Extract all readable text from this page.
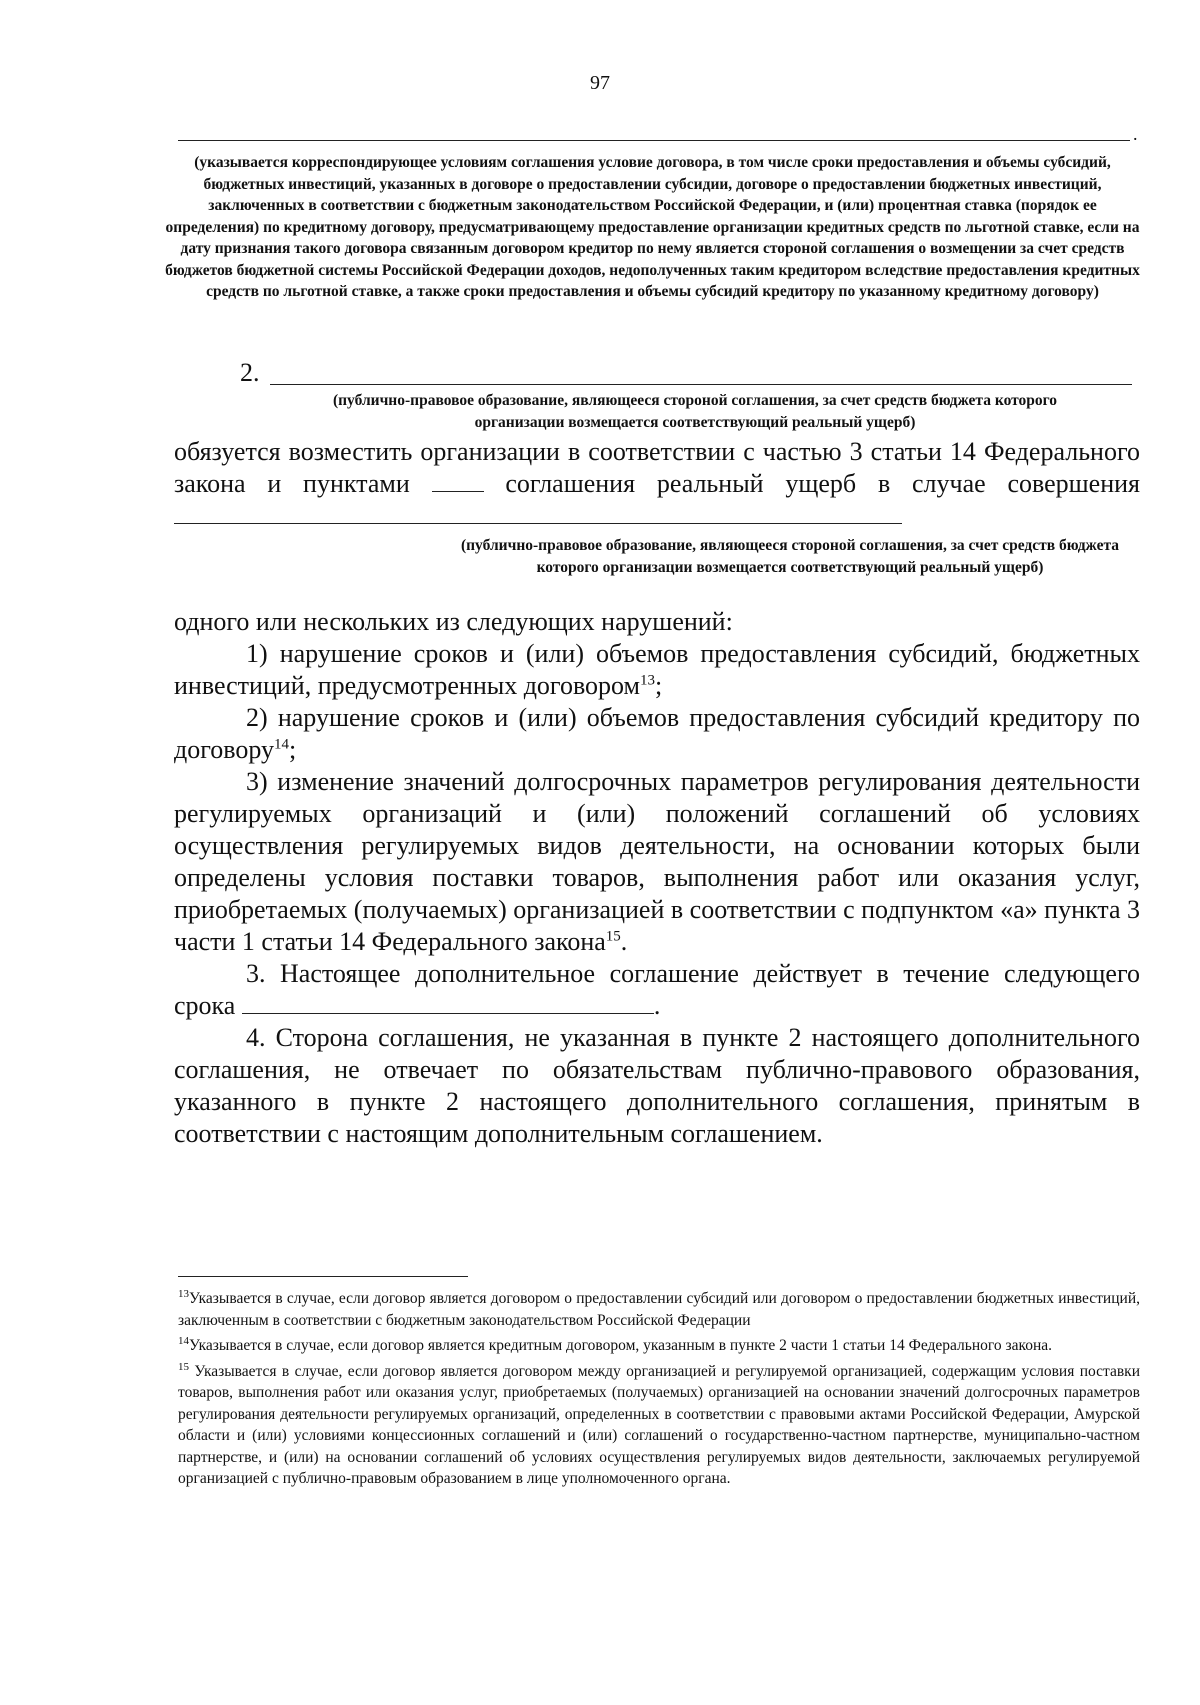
97
.
(указывается корреспондирующее условиям соглашения условие договора, в том числе сроки предоставления и объемы субсидий, бюджетных инвестиций, указанных в договоре о предоставлении субсидии, договоре о предоставлении бюджетных инвестиций, заключенных в соответствии с бюджетным законодательством Российской Федерации, и (или) процентная ставка (порядок ее определения) по кредитному договору, предусматривающему предоставление организации кредитных средств по льготной ставке, если на дату признания такого договора связанным договором кредитор по нему является стороной соглашения о возмещении за счет средств бюджетов бюджетной системы Российской Федерации доходов, недополученных таким кредитором вследствие предоставления кредитных средств по льготной ставке, а также сроки предоставления и объемы субсидий кредитору по указанному кредитному договору)
2.
(публично-правовое образование, являющееся стороной соглашения, за счет средств бюджета которого организации возмещается соответствующий реальный ущерб)
обязуется возместить организации в соответствии с частью 3 статьи 14 Федерального закона и пунктами	соглашения реальный ущерб в случае совершения
(публично-правовое образование, являющееся стороной соглашения, за счет средств бюджета которого организации возмещается соответствующий реальный ущерб)

одного или нескольких из следующих нарушений:

1) нарушение сроков и (или) объемов предоставления субсидий, бюджетных инвестиций, предусмотренных договором$^{13}$;

2) нарушение сроков и (или) объемов предоставления субсидий кредитору по договору$^{14}$;

3) изменение значений долгосрочных параметров регулирования деятельности регулируемых организаций и (или) положений соглашений об условиях осуществления регулируемых видов деятельности, на основании которых были определены условия поставки товаров, выполнения работ или оказания услуг, приобретаемых (получаемых) организацией в соответствии с подпунктом «а» пункта 3 части 1 статьи 14 Федерального закона$^{15}$.

3. Настоящее дополнительное соглашение действует в течение следующего срока	.

4. Сторона соглашения, не указанная в пункте 2 настоящего дополнительного соглашения, не отвечает по обязательствам публично-правового образования, указанного в пункте 2 настоящего дополнительного соглашения, принятым в соответствии с настоящим дополнительным соглашением.

$^{13}$Указывается в случае, если договор является договором о предоставлении субсидий или договором о предоставлении бюджетных инвестиций, заключенным в соответствии с бюджетным законодательством Российской Федерации

$^{14}$Указывается в случае, если договор является кредитным договором, указанным в пункте 2 части 1 статьи 14 Федерального закона.

$^{15}$ Указывается в случае, если договор является договором между организацией и регулируемой организацией, содержащим условия поставки товаров, выполнения работ или оказания услуг, приобретаемых (получаемых) организацией на основании значений долгосрочных параметров регулирования деятельности регулируемых организаций, определенных в соответствии с правовыми актами Российской Федерации, Амурской области и (или) условиями концессионных соглашений и (или) соглашений о государственно-частном партнерстве, муниципально-частном партнерстве, и (или) на основании соглашений об условиях осуществления регулируемых видов деятельности, заключаемых регулируемой организацией с публично-правовым образованием в лице уполномоченного органа.
